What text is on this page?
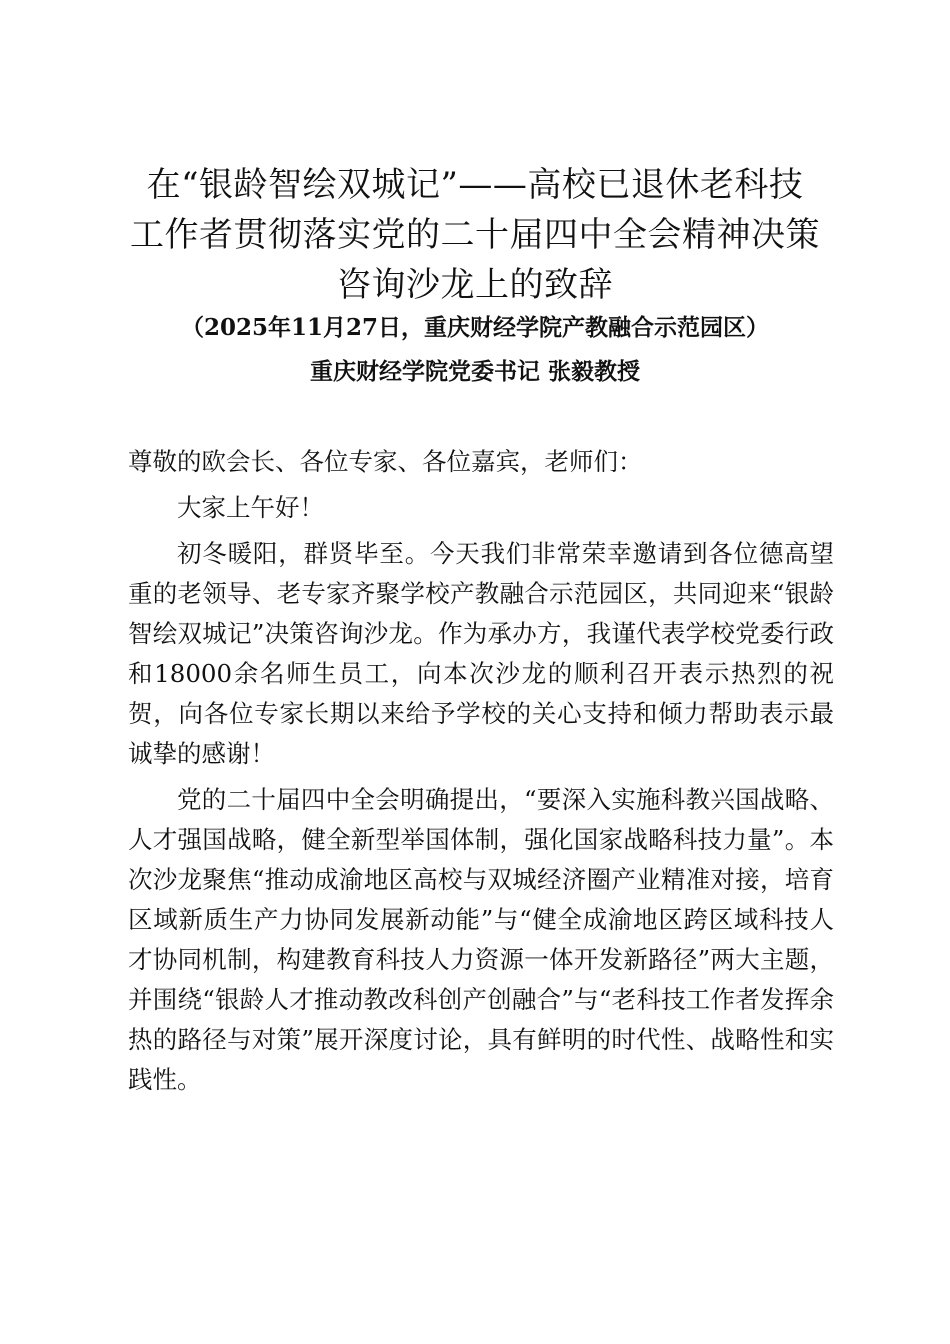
在“银龄智绘双城记”——高校已退休老科技
工作者贯彻落实党的二十届四中全会精神决策
咨询沙龙上的致辞

（2025年11月27日，重庆财经学院产教融合示范园区）

重庆财经学院党委书记 张毅教授

尊敬的欧会长、各位专家、各位嘉宾，老师们：

大家上午好！

初冬暖阳，群贤毕至。今天我们非常荣幸邀请到各位德高望重的老领导、老专家齐聚学校产教融合示范园区，共同迎来“银龄智绘双城记”决策咨询沙龙。作为承办方，我谨代表学校党委行政和18000余名师生员工，向本次沙龙的顺利召开表示热烈的祝贺，向各位专家长期以来给予学校的关心支持和倾力帮助表示最诚挚的感谢！

党的二十届四中全会明确提出，“要深入实施科教兴国战略、人才强国战略，健全新型举国体制，强化国家战略科技力量”。本次沙龙聚焦“推动成渝地区高校与双城经济圈产业精准对接，培育区域新质生产力协同发展新动能”与“健全成渝地区跨区域科技人才协同机制，构建教育科技人力资源一体开发新路径”两大主题，并围绕“银龄人才推动教改科创产创融合”与“老科技工作者发挥余热的路径与对策”展开深度讨论，具有鲜明的时代性、战略性和实践性。
